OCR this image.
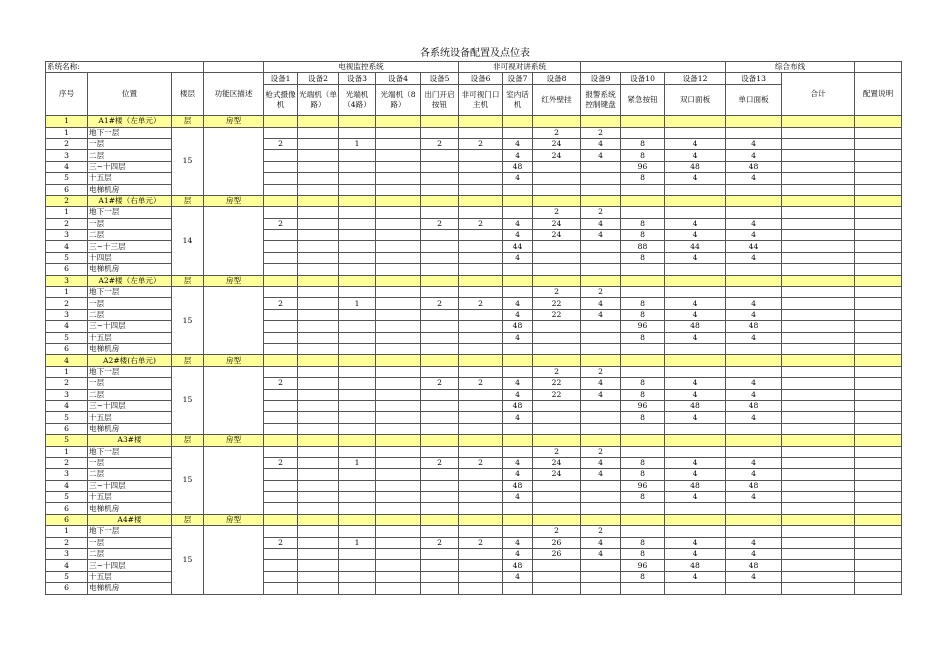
各系统设备配置及点位表
系统名称:				电视监控系统					非可视对讲系统						综合布线		
序号	位置	楼层	功能区描述	设备1	设备2	设备3	设备4	设备5	设备6	设备7	设备8	设备9	设备10	设备12	设备13	合计	配置说明
				枪式摄像机	光端机（单路）	光端机（4路）	光端机（8路）	出门开启按钮	非可视门口主机	室内话机	红外壁挂	报警系统控制键盘	紧急按钮	双口面板	单口面板		
1	A1#楼（左单元）	层	房型														
1	地下一层	15									2	2					
2	一层			2		1		2	2	4	24	4	8	4	4		
3	二层									4	24	4	8	4	4		
4	三~十四层									48			96	48	48		
5	十五层									4			8	4	4		
6	电梯机房																
2	A1#楼（右单元）	层	房型														
1	地下一层	14									2	2					
2	一层			2				2	2	4	24	4	8	4	4		
3	二层									4	24	4	8	4	4		
4	三~十三层									44			88	44	44		
5	十四层									4			8	4	4		
6	电梯机房																
3	A2#楼（左单元）	层	房型														
1	地下一层	15									2	2					
2	一层			2		1		2	2	4	22	4	8	4	4		
3	二层									4	22	4	8	4	4		
4	三~十四层									48			96	48	48		
5	十五层									4			8	4	4		
6	电梯机房																
4	A2#楼(右单元)	层	房型														
1	地下一层	15									2	2					
2	一层			2				2	2	4	22	4	8	4	4		
3	二层									4	22	4	8	4	4		
4	三~十四层									48			96	48	48		
5	十五层									4			8	4	4		
6	电梯机房																
5	A3#楼	层	房型														
1	地下一层	15									2	2					
2	一层			2		1		2	2	4	24	4	8	4	4		
3	二层									4	24	4	8	4	4		
4	三~十四层									48			96	48	48		
5	十五层									4			8	4	4		
6	电梯机房																
6	A4#楼	层	房型														
1	地下一层	15									2	2					
2	一层			2		1		2	2	4	26	4	8	4	4		
3	二层									4	26	4	8	4	4		
4	三~十四层									48			96	48	48		
5	十五层									4			8	4	4		
6	电梯机房																
